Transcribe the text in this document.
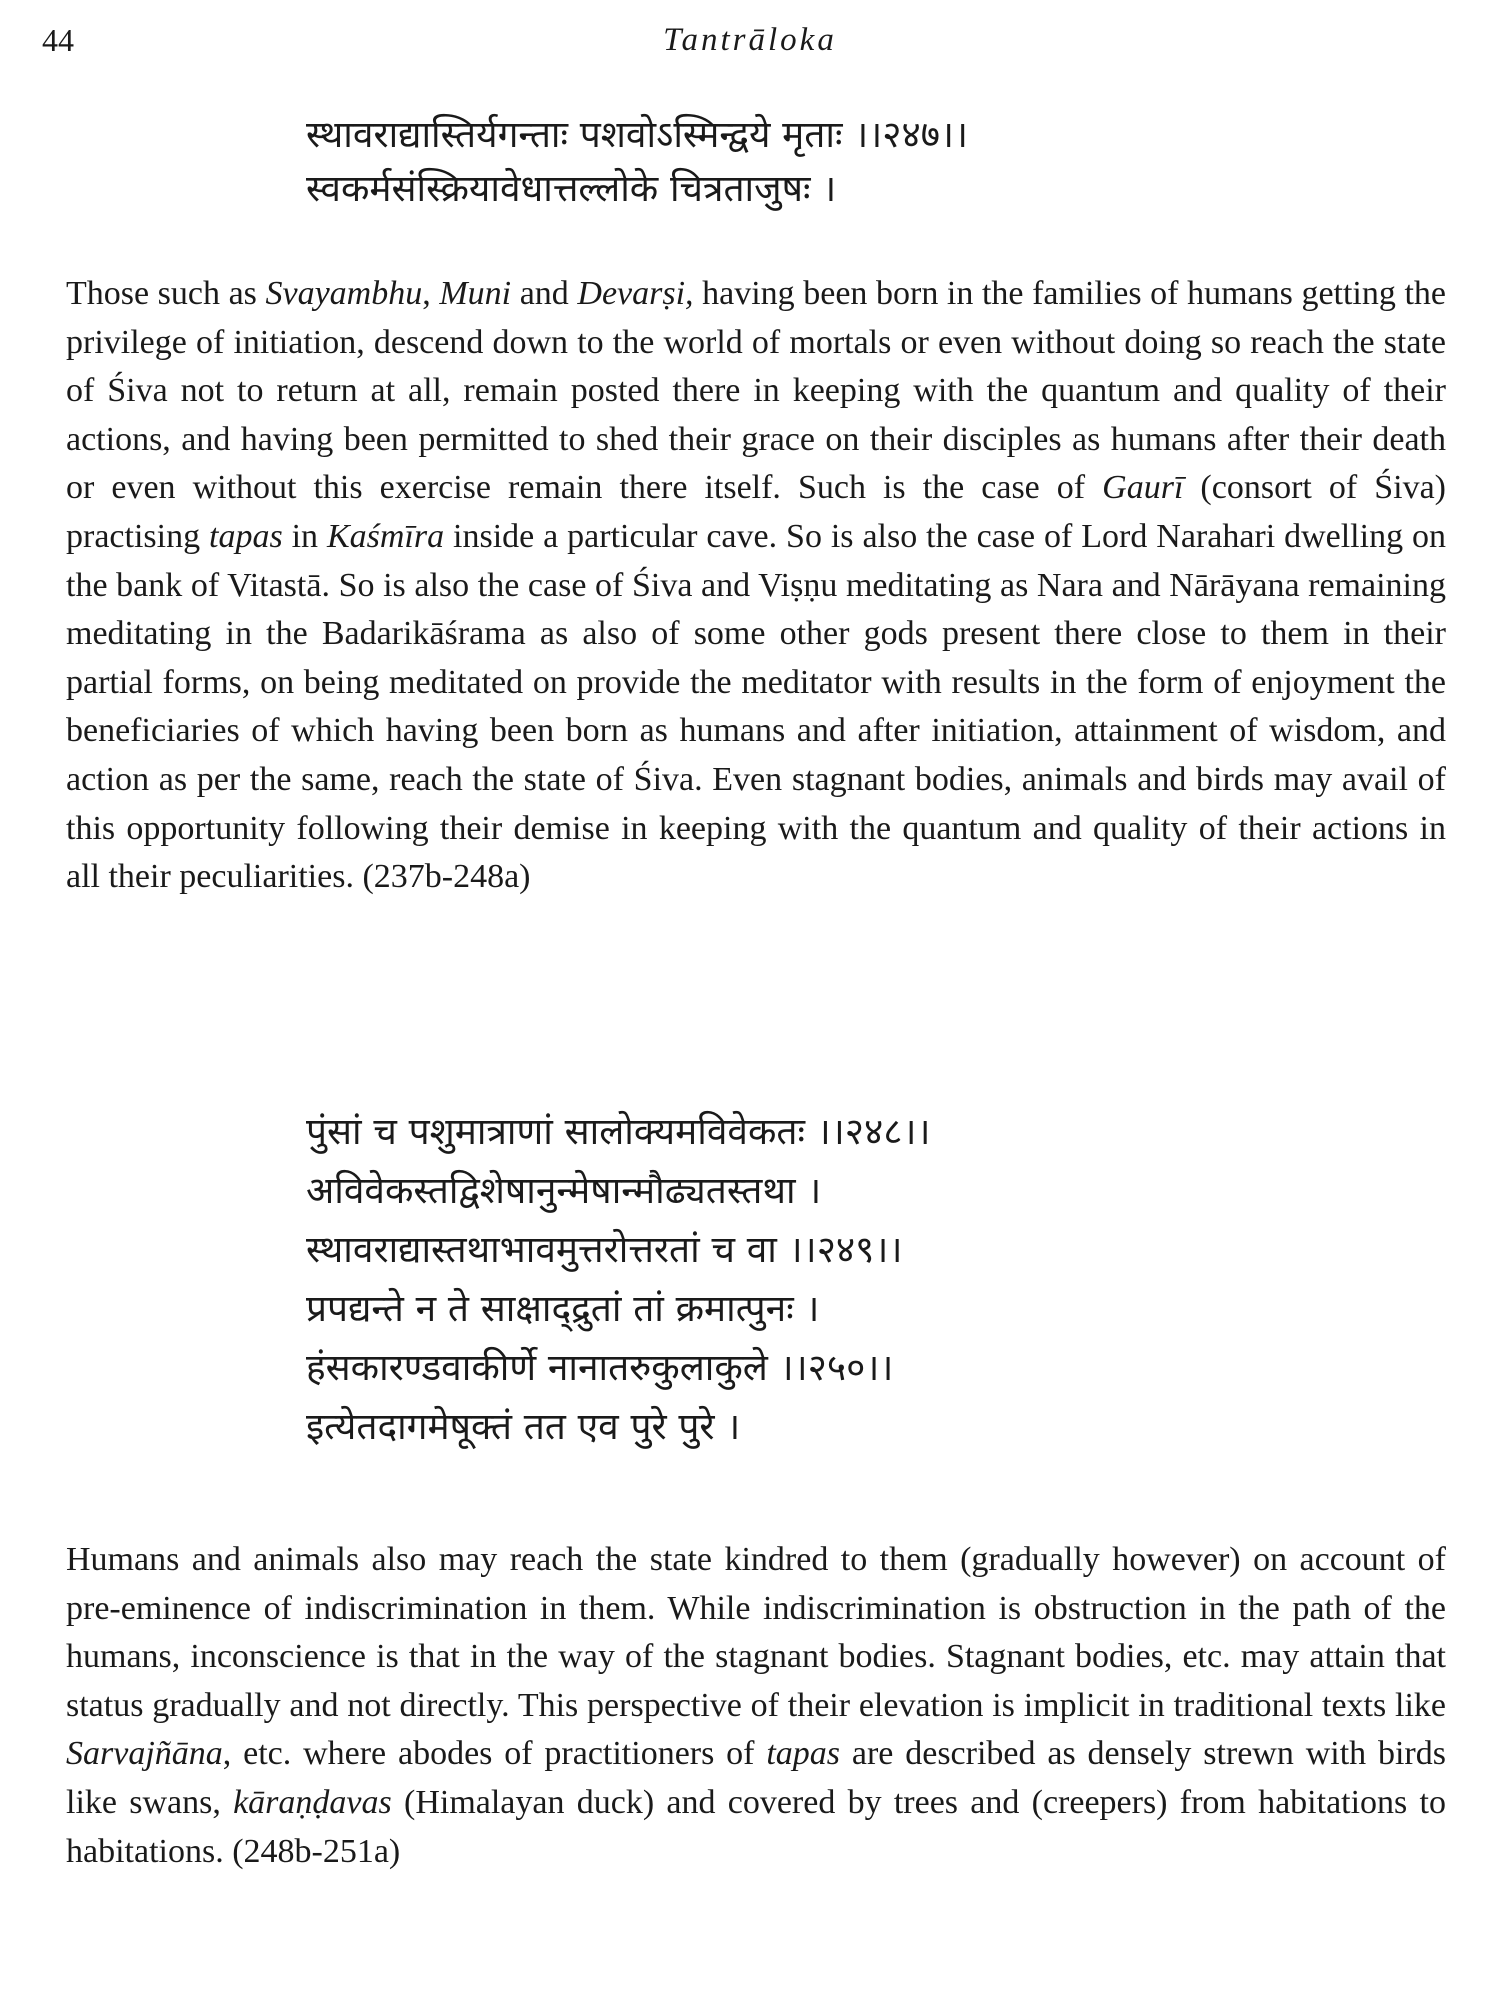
44	Tantrāloka
स्थावराद्यास्तिर्यगन्ताः पशवोऽस्मिन्द्वये मृताः ।।२४७।।
स्वकर्मसंस्क्रियावेधात्तल्लोके चित्रताजुषः ।

Those such as Svayambhu, Muni and Devarṣi, having been born in the families of humans getting the privilege of initiation, descend down to the world of mortals or even without doing so reach the state of Śiva not to return at all, remain posted there in keeping with the quantum and quality of their actions, and having been permitted to shed their grace on their disciples as humans after their death or even without this exercise remain there itself. Such is the case of Gaurī (consort of Śiva) practising tapas in Kaśmīra inside a particular cave. So is also the case of Lord Narahari dwelling on the bank of Vitastā. So is also the case of Śiva and Viṣṇu meditating as Nara and Nārāyana remaining meditating in the Badarikāśrama as also of some other gods present there close to them in their partial forms, on being meditated on provide the meditator with results in the form of enjoyment the beneficiaries of which having been born as humans and after initiation, attainment of wisdom, and action as per the same, reach the state of Śiva. Even stagnant bodies, animals and birds may avail of this opportunity following their demise in keeping with the quantum and quality of their actions in all their peculiarities. (237b-248a)

पुंसां च पशुमात्राणां सालोक्यमविवेकतः ।।२४८।।
अविवेकस्तद्विशेषानुन्मेषान्मौढ्यतस्तथा ।
स्थावराद्यास्तथाभावमुत्तरोत्तरतां च वा ।।२४९।।
प्रपद्यन्ते न ते साक्षाद्द्रुतां तां क्रमात्पुनः ।
हंसकारण्डवाकीर्णे नानातरुकुलाकुले ।।२५०।।
इत्येतदागमेषूक्तं तत एव पुरे पुरे ।

Humans and animals also may reach the state kindred to them (gradually however) on account of pre-eminence of indiscrimination in them. While indiscrimination is obstruction in the path of the humans, inconscience is that in the way of the stagnant bodies. Stagnant bodies, etc. may attain that status gradually and not directly. This perspective of their elevation is implicit in traditional texts like Sarvajñāna, etc. where abodes of practitioners of tapas are described as densely strewn with birds like swans, kāraṇḍavas (Himalayan duck) and covered by trees and (creepers) from habitations to habitations. (248b-251a)
